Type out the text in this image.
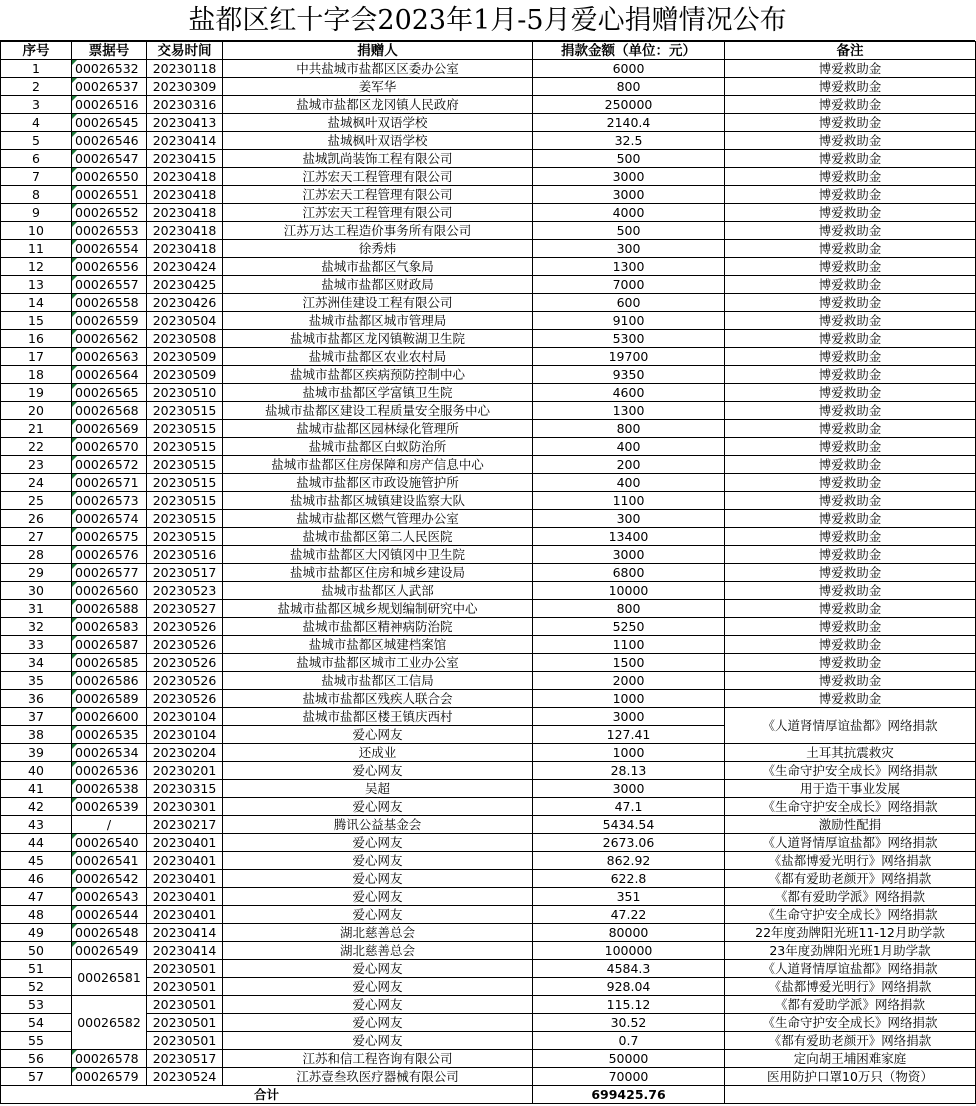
盐都区红十字会2023年1月-5月爱心捐赠情况公布
序号	票据号	交易时间	捐赠人	捐款金额（单位：元）	备注
1	00026532	20230118	中共盐城市盐都区区委办公室	6000	博爱救助金
2	00026537	20230309	姜军华	800	博爱救助金
3	00026516	20230316	盐城市盐都区龙冈镇人民政府	250000	博爱救助金
4	00026545	20230413	盐城枫叶双语学校	2140.4	博爱救助金
5	00026546	20230414	盐城枫叶双语学校	32.5	博爱救助金
6	00026547	20230415	盐城凯尚装饰工程有限公司	500	博爱救助金
7	00026550	20230418	江苏宏天工程管理有限公司	3000	博爱救助金
8	00026551	20230418	江苏宏天工程管理有限公司	3000	博爱救助金
9	00026552	20230418	江苏宏天工程管理有限公司	4000	博爱救助金
10	00026553	20230418	江苏万达工程造价事务所有限公司	500	博爱救助金
11	00026554	20230418	徐秀炜	300	博爱救助金
12	00026556	20230424	盐城市盐都区气象局	1300	博爱救助金
13	00026557	20230425	盐城市盐都区财政局	7000	博爱救助金
14	00026558	20230426	江苏洲佳建设工程有限公司	600	博爱救助金
15	00026559	20230504	盐城市盐都区城市管理局	9100	博爱救助金
16	00026562	20230508	盐城市盐都区龙冈镇鞍湖卫生院	5300	博爱救助金
17	00026563	20230509	盐城市盐都区农业农村局	19700	博爱救助金
18	00026564	20230509	盐城市盐都区疾病预防控制中心	9350	博爱救助金
19	00026565	20230510	盐城市盐都区学富镇卫生院	4600	博爱救助金
20	00026568	20230515	盐城市盐都区建设工程质量安全服务中心	1300	博爱救助金
21	00026569	20230515	盐城市盐都区园林绿化管理所	800	博爱救助金
22	00026570	20230515	盐城市盐都区白蚁防治所	400	博爱救助金
23	00026572	20230515	盐城市盐都区住房保障和房产信息中心	200	博爱救助金
24	00026571	20230515	盐城市盐都区市政设施管护所	400	博爱救助金
25	00026573	20230515	盐城市盐都区城镇建设监察大队	1100	博爱救助金
26	00026574	20230515	盐城市盐都区燃气管理办公室	300	博爱救助金
27	00026575	20230515	盐城市盐都区第二人民医院	13400	博爱救助金
28	00026576	20230516	盐城市盐都区大冈镇冈中卫生院	3000	博爱救助金
29	00026577	20230517	盐城市盐都区住房和城乡建设局	6800	博爱救助金
30	00026560	20230523	盐城市盐都区人武部	10000	博爱救助金
31	00026588	20230527	盐城市盐都区城乡规划编制研究中心	800	博爱救助金
32	00026583	20230526	盐城市盐都区精神病防治院	5250	博爱救助金
33	00026587	20230526	盐城市盐都区城建档案馆	1100	博爱救助金
34	00026585	20230526	盐城市盐都区城市工业办公室	1500	博爱救助金
35	00026586	20230526	盐城市盐都区工信局	2000	博爱救助金
36	00026589	20230526	盐城市盐都区残疾人联合会	1000	博爱救助金
37	00026600	20230104	盐城市盐都区楼王镇庆西村	3000	《人道肾情厚谊盐都》网络捐款
38	00026535	20230104	爱心网友	127.41	
39	00026534	20230204	还成业	1000	土耳其抗震救灾
40	00026536	20230201	爱心网友	28.13	《生命守护安全成长》网络捐款
41	00026538	20230315	吴超	3000	用于造干事业发展
42	00026539	20230301	爱心网友	47.1	《生命守护安全成长》网络捐款
43	/	20230217	腾讯公益基金会	5434.54	激励性配捐
44	00026540	20230401	爱心网友	2673.06	《人道肾情厚谊盐都》网络捐款
45	00026541	20230401	爱心网友	862.92	《盐都博爱光明行》网络捐款
46	00026542	20230401	爱心网友	622.8	《都有爱助老颜开》网络捐款
47	00026543	20230401	爱心网友	351	《都有爱助学派》网络捐款
48	00026544	20230401	爱心网友	47.22	《生命守护安全成长》网络捐款
49	00026548	20230414	湖北慈善总会	80000	22年度劲牌阳光班11-12月助学款
50	00026549	20230414	湖北慈善总会	100000	23年度劲牌阳光班1月助学款
51	00026581	20230501	爱心网友	4584.3	《人道肾情厚谊盐都》网络捐款
52		20230501	爱心网友	928.04	《盐都博爱光明行》网络捐款
53	00026582	20230501	爱心网友	115.12	《都有爱助学派》网络捐款
54		20230501	爱心网友	30.52	《生命守护安全成长》网络捐款
55		20230501	爱心网友	0.7	《都有爱助老颜开》网络捐款
56	00026578	20230517	江苏和信工程咨询有限公司	50000	定向胡王埔困难家庭
57	00026579	20230524	江苏壹叁玖医疗器械有限公司	70000	医用防护口罩10万只（物资）
合计				699425.76	
